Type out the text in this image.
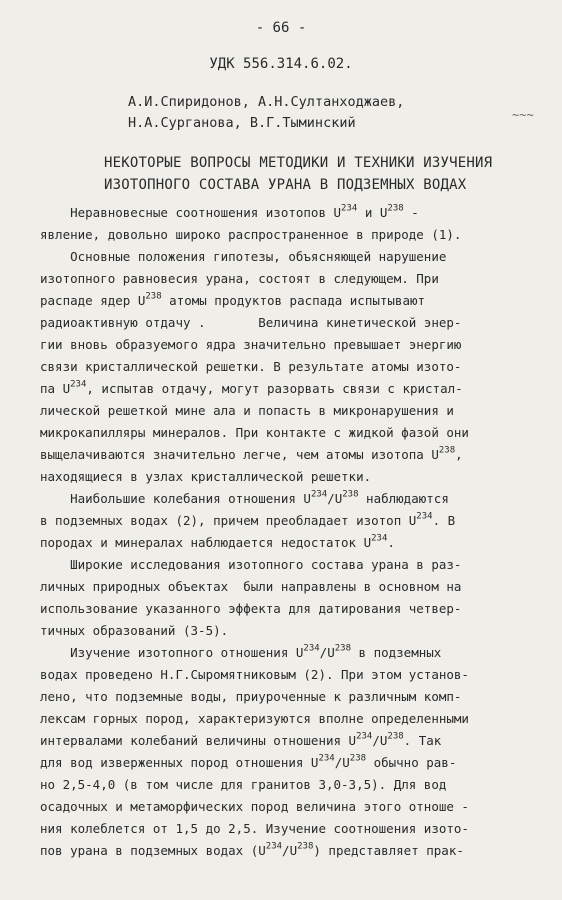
- 66 -
УДК 556.314.6.02.
А.И.Спиридонов, А.Н.Султанходжаев,
Н.А.Сурганова, В.Г.Тыминский	~~~
НЕКОТОРЫЕ ВОПРОСЫ МЕТОДИКИ И ТЕХНИКИ ИЗУЧЕНИЯ
ИЗОТОПНОГО СОСТАВА УРАНА В ПОДЗЕМНЫХ ВОДАХ
Неравновесные соотношения изотопов $U^{234}$ и $U^{238}$ -
явление, довольно широко распространенное в природе (1).
Основные положения гипотезы, объясняющей нарушение
изотопного равновесия урана, состоят в следующем. При
распаде ядер $U^{238}$ атомы продуктов распада испытывают
радиоактивную отдачу .       Величина кинетической энер-
гии вновь образуемого ядра значительно превышает энергию
связи кристаллической решетки. В результате атомы изото-
па $U^{234}$, испытав отдачу, могут разорвать связи с кристал-
лической решеткой мине ала и попасть в микронарушения и
микрокапилляры минералов. При контакте с жидкой фазой они
выщелачиваются значительно легче, чем атомы изотопа $U^{238}$,
находящиеся в узлах кристаллической решетки.
Наибольшие колебания отношения $U^{234}/U^{238}$ наблюдаются
в подземных водах (2), причем преобладает изотоп $U^{234}$. В
породах и минералах наблюдается недостаток $U^{234}$.
Широкие исследования изотопного состава урана в раз-
личных природных объектах  были направлены в основном на
использование указанного эффекта для датирования четвер-
тичных образований (3-5).
Изучение изотопного отношения $U^{234}/U^{238}$ в подземных
водах проведено Н.Г.Сыромятниковым (2). При этом установ-
лено, что подземные воды, приуроченные к различным комп-
лексам горных пород, характеризуются вполне определенными
интервалами колебаний величины отношения $U^{234}/U^{238}$. Так
для вод изверженных пород отношения $U^{234}/U^{238}$ обычно рав-
но 2,5-4,0 (в том числе для гранитов 3,0-3,5). Для вод
осадочных и метаморфических пород величина этого отноше -
ния колеблется от 1,5 до 2,5. Изучение соотношения изото-
пов урана в подземных водах $(U^{234}/U^{238})$ представляет прак-
